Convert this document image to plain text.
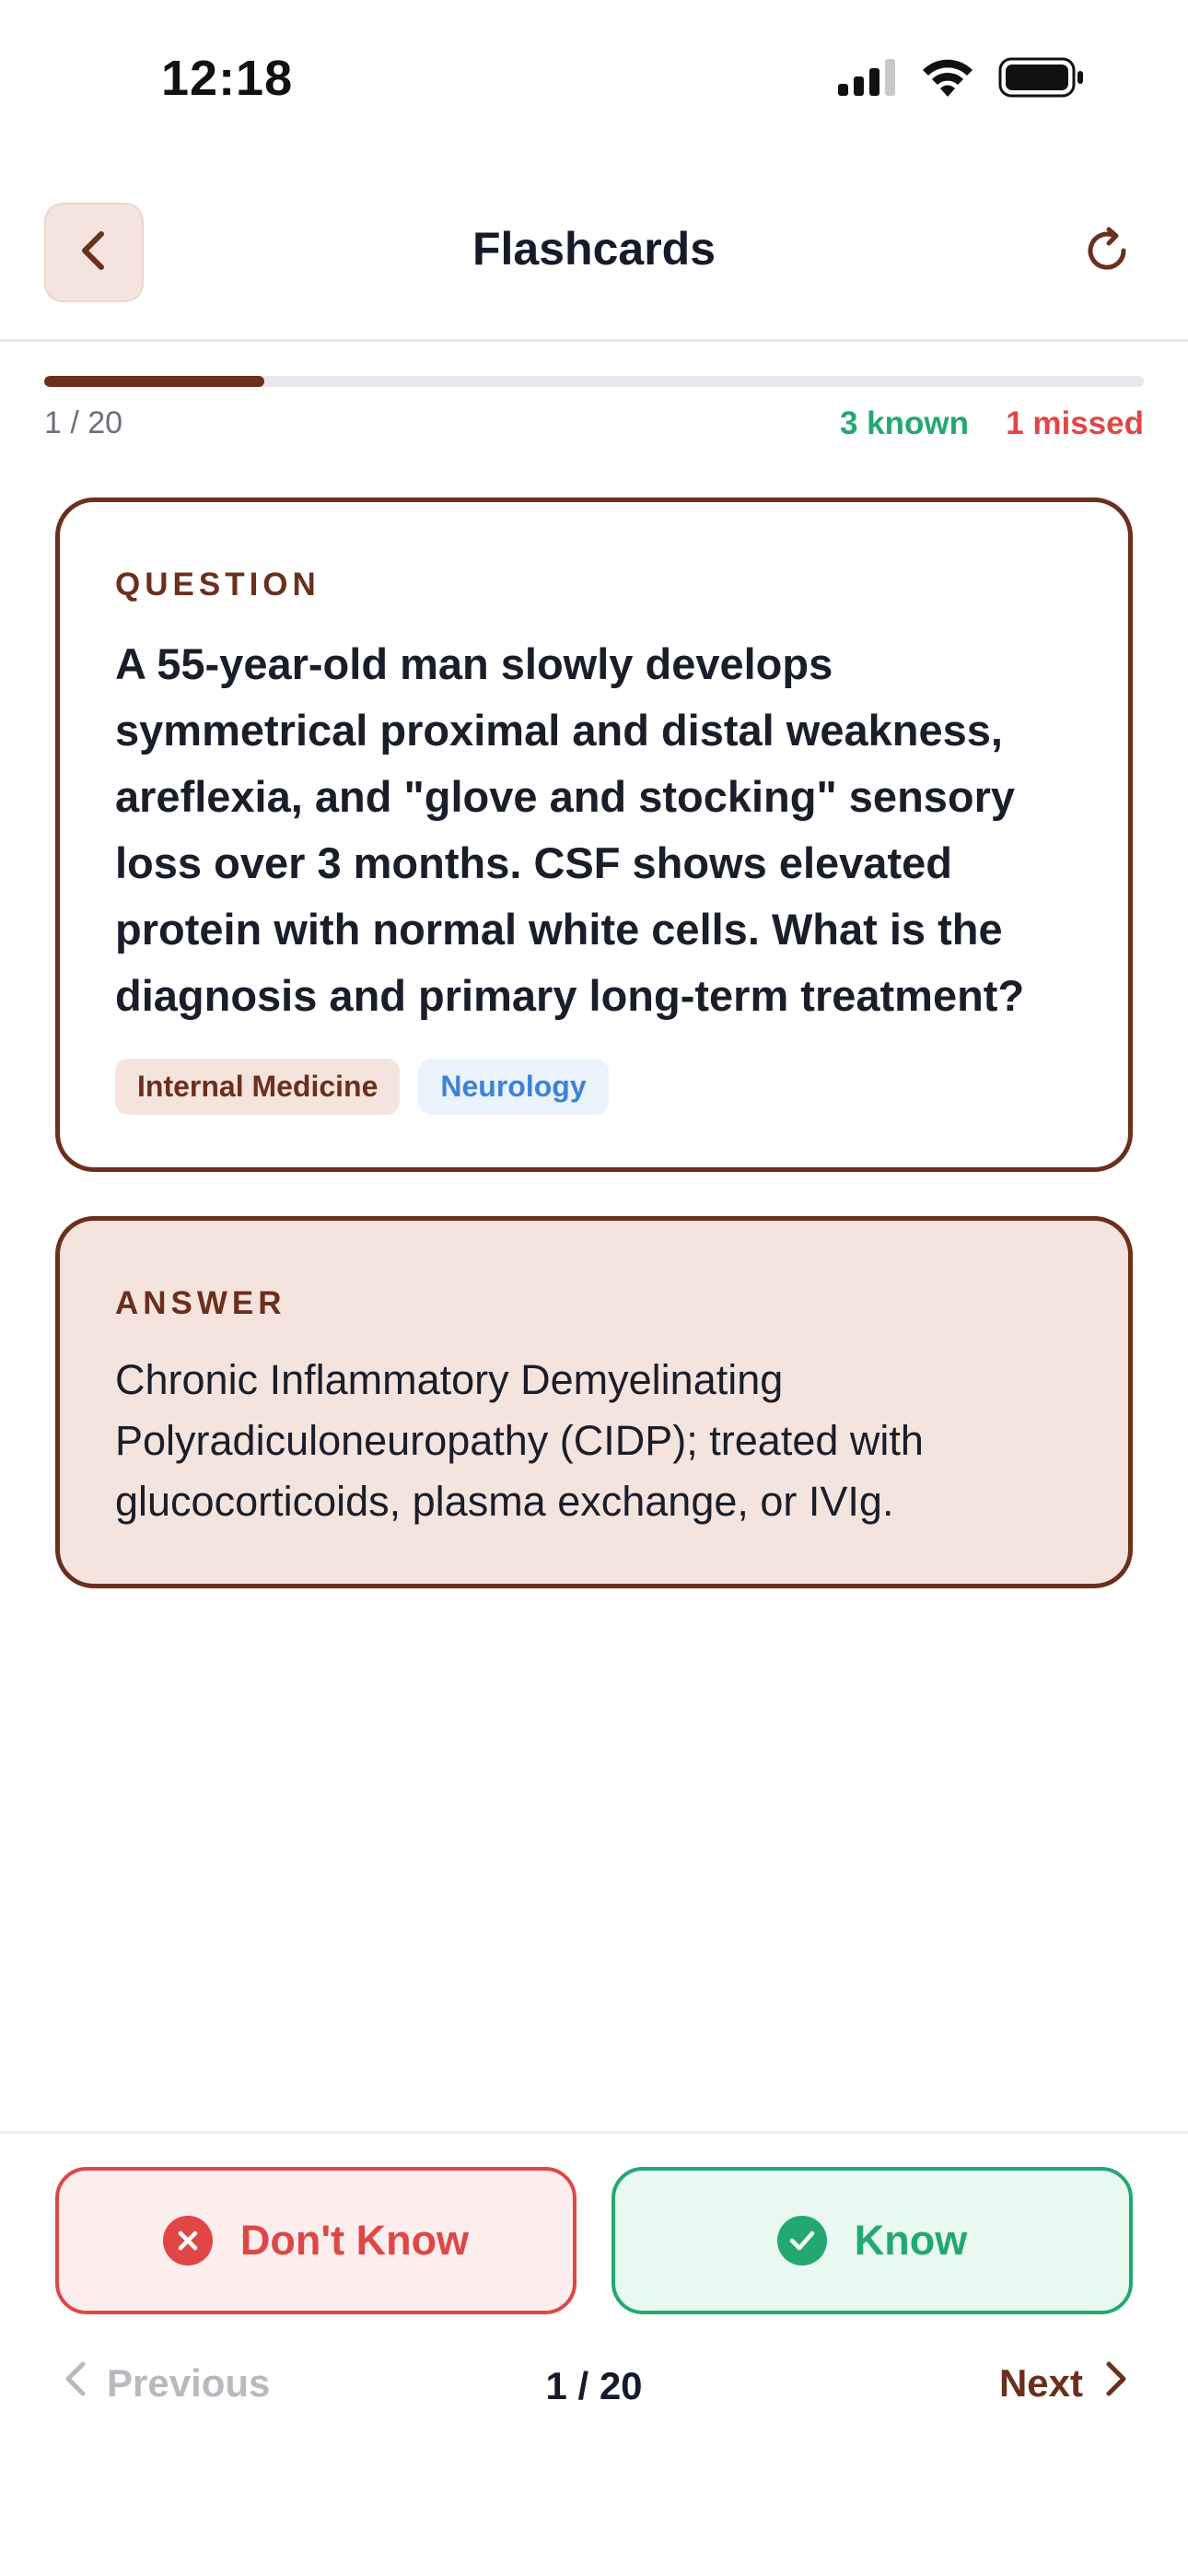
12:18
Flashcards
1 / 20	3 known 1 missed
QUESTION
A 55-year-old man slowly develops symmetrical proximal and distal weakness, areflexia, and "glove and stocking" sensory loss over 3 months. CSF shows elevated protein with normal white cells. What is the diagnosis and primary long-term treatment?
Internal Medicine	Neurology
ANSWER
Chronic Inflammatory Demyelinating Polyradiculoneuropathy (CIDP); treated with glucocorticoids, plasma exchange, or IVIg.
Don't Know	Know
Previous	1 / 20	Next
